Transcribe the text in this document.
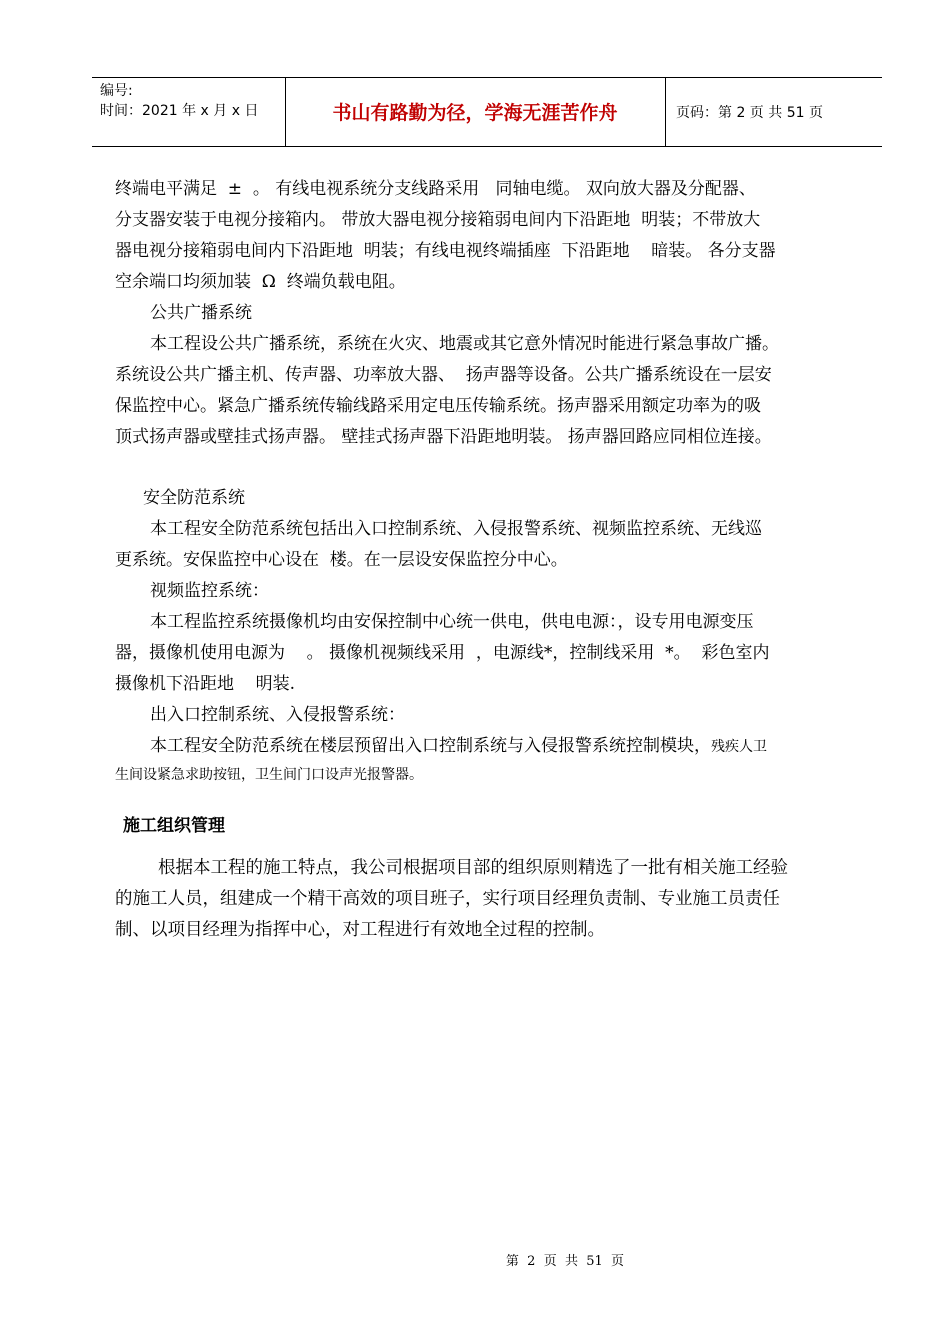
编号:
时间：2021 年 x 月 x 日	书山有路勤为径，学海无涯苦作舟	页码：第 2 页 共 51 页
终端电平满足  ±  。 有线电视系统分支线路采用   同轴电缆。 双向放大器及分配器、
分支器安装于电视分接箱内。 带放大器电视分接箱弱电间内下沿距地  明装；不带放大
器电视分接箱弱电间内下沿距地  明装；有线电视终端插座  下沿距地    暗装。 各分支器
空余端口均须加装  Ω  终端负载电阻。
公共广播系统
本工程设公共广播系统，系统在火灾、地震或其它意外情况时能进行紧急事故广播。
系统设公共广播主机、传声器、功率放大器、  扬声器等设备。公共广播系统设在一层安
保监控中心。紧急广播系统传输线路采用定电压传输系统。扬声器采用额定功率为的吸
顶式扬声器或壁挂式扬声器。 壁挂式扬声器下沿距地明装。 扬声器回路应同相位连接。
安全防范系统
本工程安全防范系统包括出入口控制系统、入侵报警系统、视频监控系统、无线巡
更系统。安保监控中心设在  楼。在一层设安保监控分中心。
视频监控系统：
本工程监控系统摄像机均由安保控制中心统一供电，供电电源：，设专用电源变压
器，摄像机使用电源为    。 摄像机视频线采用  ，电源线*，控制线采用  *。  彩色室内
摄像机下沿距地    明装.
出入口控制系统、入侵报警系统：
本工程安全防范系统在楼层预留出入口控制系统与入侵报警系统控制模块，残疾人卫
生间设紧急求助按钮，卫生间门口设声光报警器。
施工组织管理
根据本工程的施工特点，我公司根据项目部的组织原则精选了一批有相关施工经验
的施工人员，组建成一个精干高效的项目班子，实行项目经理负责制、专业施工员责任
制、以项目经理为指挥中心，对工程进行有效地全过程的控制。
第  2  页  共  51  页
